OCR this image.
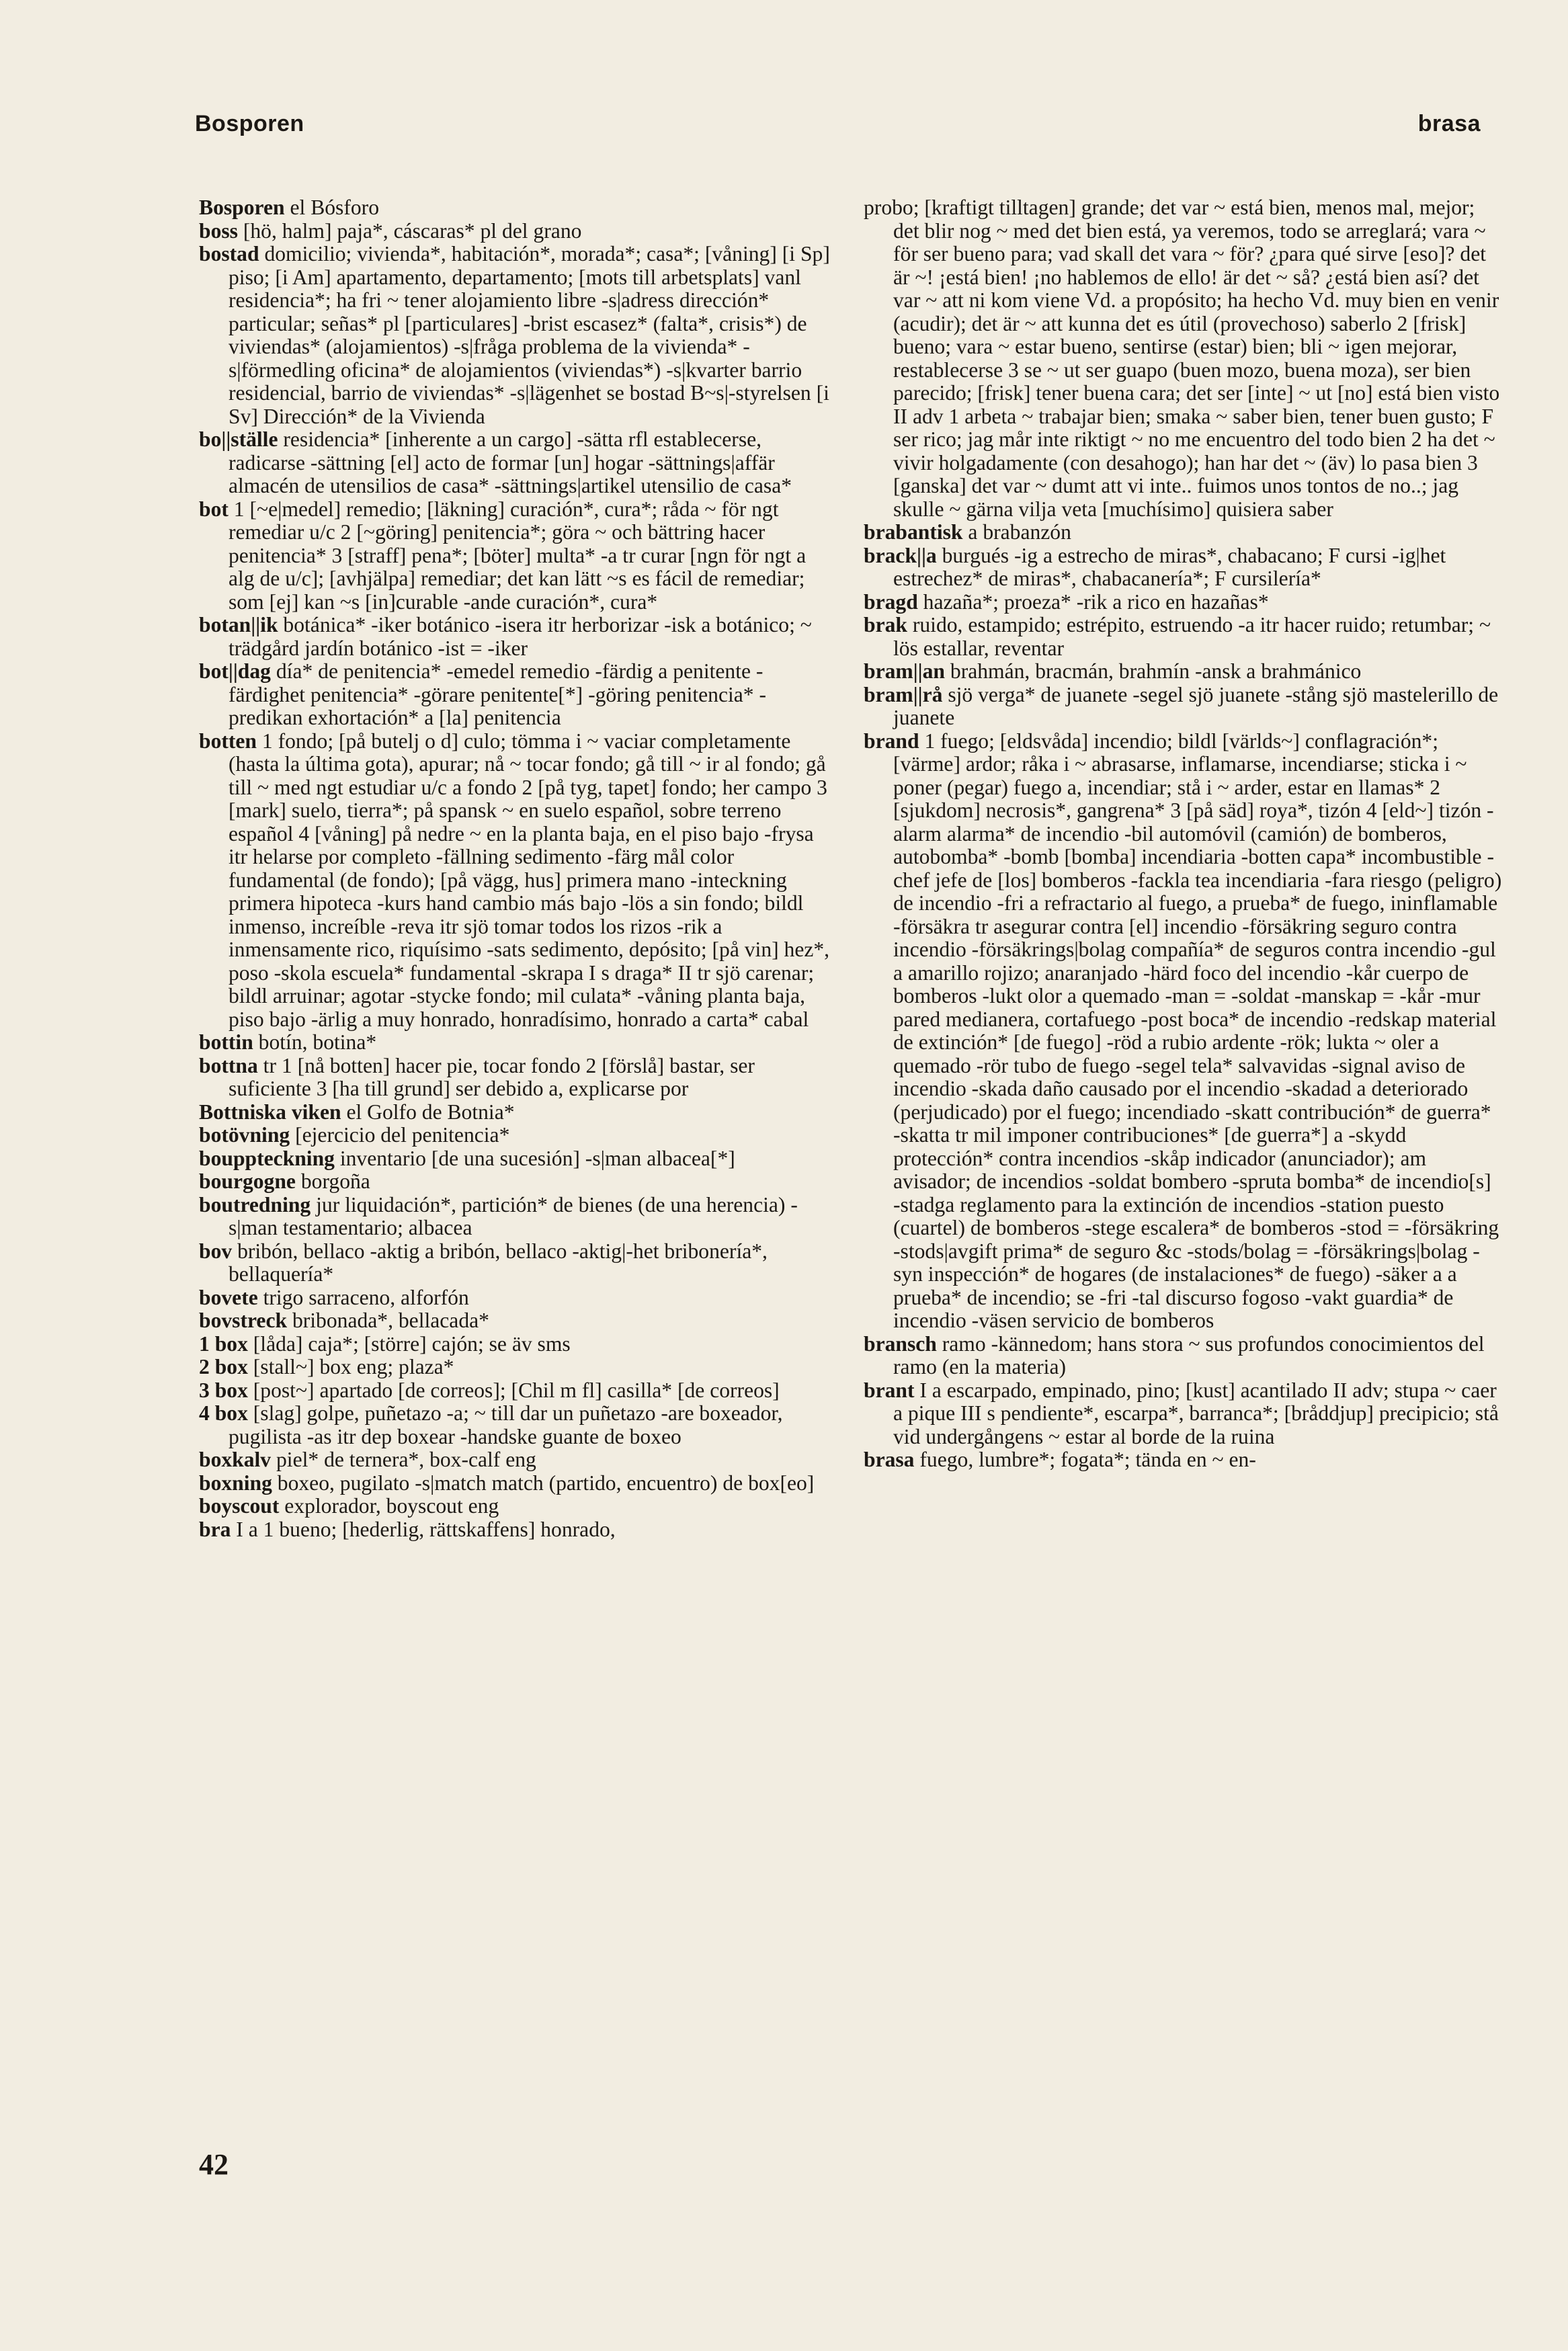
Bosporen	brasa

Bosporen el Bósforo

boss [hö, halm] paja*, cáscaras* pl del grano

bostad domicilio; vivienda*, habitación*, morada*; casa*; [våning] [i Sp] piso; [i Am] apartamento, departamento; [mots till arbetsplats] vanl residencia*; ha fri ~ tener alojamiento libre -s|adress dirección* particular; señas* pl [particulares] -brist escasez* (falta*, crisis*) de viviendas* (alojamientos) -s|fråga problema de la vivienda* -s|förmedling oficina* de alojamientos (viviendas*) -s|kvarter barrio residencial, barrio de viviendas* -s|lägenhet se bostad B~s|-styrelsen [i Sv] Dirección* de la Vivienda

bo||ställe residencia* [inherente a un cargo] -sätta rfl establecerse, radicarse -sättning [el] acto de formar [un] hogar -sättnings|affär almacén de utensilios de casa* -sättnings|artikel utensilio de casa*

bot 1 [~e|medel] remedio; [läkning] curación*, cura*; råda ~ för ngt remediar u/c 2 [~göring] penitencia*; göra ~ och bättring hacer penitencia* 3 [straff] pena*; [böter] multa* -a tr curar [ngn för ngt a alg de u/c]; [avhjälpa] remediar; det kan lätt ~s es fácil de remediar; som [ej] kan ~s [in]curable -ande curación*, cura*

botan||ik botánica* -iker botánico -isera itr herborizar -isk a botánico; ~ trädgård jardín botánico -ist = -iker

bot||dag día* de penitencia* -emedel remedio -färdig a penitente -färdighet penitencia* -görare penitente[*] -göring penitencia* -predikan exhortación* a [la] penitencia

botten 1 fondo; [på butelj o d] culo; tömma i ~ vaciar completamente (hasta la última gota), apurar; nå ~ tocar fondo; gå till ~ ir al fondo; gå till ~ med ngt estudiar u/c a fondo 2 [på tyg, tapet] fondo; her campo 3 [mark] suelo, tierra*; på spansk ~ en suelo español, sobre terreno español 4 [våning] på nedre ~ en la planta baja, en el piso bajo -frysa itr helarse por completo -fällning sedimento -färg mål color fundamental (de fondo); [på vägg, hus] primera mano -inteckning primera hipoteca -kurs hand cambio más bajo -lös a sin fondo; bildl inmenso, increíble -reva itr sjö tomar todos los rizos -rik a inmensamente rico, riquísimo -sats sedimento, depósito; [på vin] hez*, poso -skola escuela* fundamental -skrapa I s draga* II tr sjö carenar; bildl arruinar; agotar -stycke fondo; mil culata* -våning planta baja, piso bajo -ärlig a muy honrado, honradísimo, honrado a carta* cabal

bottin botín, botina*

bottna tr 1 [nå botten] hacer pie, tocar fondo 2 [förslå] bastar, ser suficiente 3 [ha till grund] ser debido a, explicarse por

Bottniska viken el Golfo de Botnia*

botövning [ejercicio del penitencia*

bouppteckning inventario [de una sucesión] -s|man albacea[*]

bourgogne borgoña

boutredning jur liquidación*, partición* de bienes (de una herencia) -s|man testamentario; albacea

bov bribón, bellaco -aktig a bribón, bellaco -aktig|-het bribonería*, bellaquería*

bovete trigo sarraceno, alforfón

bovstreck bribonada*, bellacada*

1 box [låda] caja*; [större] cajón; se äv sms

2 box [stall~] box eng; plaza*

3 box [post~] apartado [de correos]; [Chil m fl] casilla* [de correos]

4 box [slag] golpe, puñetazo -a; ~ till dar un puñetazo -are boxeador, pugilista -as itr dep boxear -handske guante de boxeo

boxkalv piel* de ternera*, box-calf eng

boxning boxeo, pugilato -s|match match (partido, encuentro) de box[eo]

boyscout explorador, boyscout eng

bra I a 1 bueno; [hederlig, rättskaffens] honrado,

probo; [kraftigt tilltagen] grande; det var ~ está bien, menos mal, mejor; det blir nog ~ med det bien está, ya veremos, todo se arreglará; vara ~ för ser bueno para; vad skall det vara ~ för? ¿para qué sirve [eso]? det är ~! ¡está bien! ¡no hablemos de ello! är det ~ så? ¿está bien así? det var ~ att ni kom viene Vd. a propósito; ha hecho Vd. muy bien en venir (acudir); det är ~ att kunna det es útil (provechoso) saberlo 2 [frisk] bueno; vara ~ estar bueno, sentirse (estar) bien; bli ~ igen mejorar, restablecerse 3 se ~ ut ser guapo (buen mozo, buena moza), ser bien parecido; [frisk] tener buena cara; det ser [inte] ~ ut [no] está bien visto II adv 1 arbeta ~ trabajar bien; smaka ~ saber bien, tener buen gusto; F ser rico; jag mår inte riktigt ~ no me encuentro del todo bien 2 ha det ~ vivir holgadamente (con desahogo); han har det ~ (äv) lo pasa bien 3 [ganska] det var ~ dumt att vi inte.. fuimos unos tontos de no..; jag skulle ~ gärna vilja veta [muchísimo] quisiera saber

brabantisk a brabanzón

brack||a burgués -ig a estrecho de miras*, chabacano; F cursi -ig|het estrechez* de miras*, chabacanería*; F cursilería*

bragd hazaña*; proeza* -rik a rico en hazañas*

brak ruido, estampido; estrépito, estruendo -a itr hacer ruido; retumbar; ~ lös estallar, reventar

bram||an brahmán, bracmán, brahmín -ansk a brahmánico

bram||rå sjö verga* de juanete -segel sjö juanete -stång sjö mastelerillo de juanete

brand 1 fuego; [eldsvåda] incendio; bildl [världs~] conflagración*; [värme] ardor; råka i ~ abrasarse, inflamarse, incendiarse; sticka i ~ poner (pegar) fuego a, incendiar; stå i ~ arder, estar en llamas* 2 [sjukdom] necrosis*, gangrena* 3 [på säd] roya*, tizón 4 [eld~] tizón -alarm alarma* de incendio -bil automóvil (camión) de bomberos, autobomba* -bomb [bomba] incendiaria -botten capa* incombustible -chef jefe de [los] bomberos -fackla tea incendiaria -fara riesgo (peligro) de incendio -fri a refractario al fuego, a prueba* de fuego, ininflamable -försäkra tr asegurar contra [el] incendio -försäkring seguro contra incendio -försäkrings|bolag compañía* de seguros contra incendio -gul a amarillo rojizo; anaranjado -härd foco del incendio -kår cuerpo de bomberos -lukt olor a quemado -man = -soldat -manskap = -kår -mur pared medianera, cortafuego -post boca* de incendio -redskap material de extinción* [de fuego] -röd a rubio ardente -rök; lukta ~ oler a quemado -rör tubo de fuego -segel tela* salvavidas -signal aviso de incendio -skada daño causado por el incendio -skadad a deteriorado (perjudicado) por el fuego; incendiado -skatt contribución* de guerra* -skatta tr mil imponer contribuciones* [de guerra*] a -skydd protección* contra incendios -skåp indicador (anunciador); am avisador; de incendios -soldat bombero -spruta bomba* de incendio[s] -stadga reglamento para la extinción de incendios -station puesto (cuartel) de bomberos -stege escalera* de bomberos -stod = -försäkring -stods|avgift prima* de seguro &c -stods/bolag = -försäkrings|bolag -syn inspección* de hogares (de instalaciones* de fuego) -säker a a prueba* de incendio; se -fri -tal discurso fogoso -vakt guardia* de incendio -väsen servicio de bomberos

bransch ramo -kännedom; hans stora ~ sus profundos conocimientos del ramo (en la materia)

brant I a escarpado, empinado, pino; [kust] acantilado II adv; stupa ~ caer a pique III s pendiente*, escarpa*, barranca*; [bråddjup] precipicio; stå vid undergångens ~ estar al borde de la ruina

brasa fuego, lumbre*; fogata*; tända en ~ en-

42
